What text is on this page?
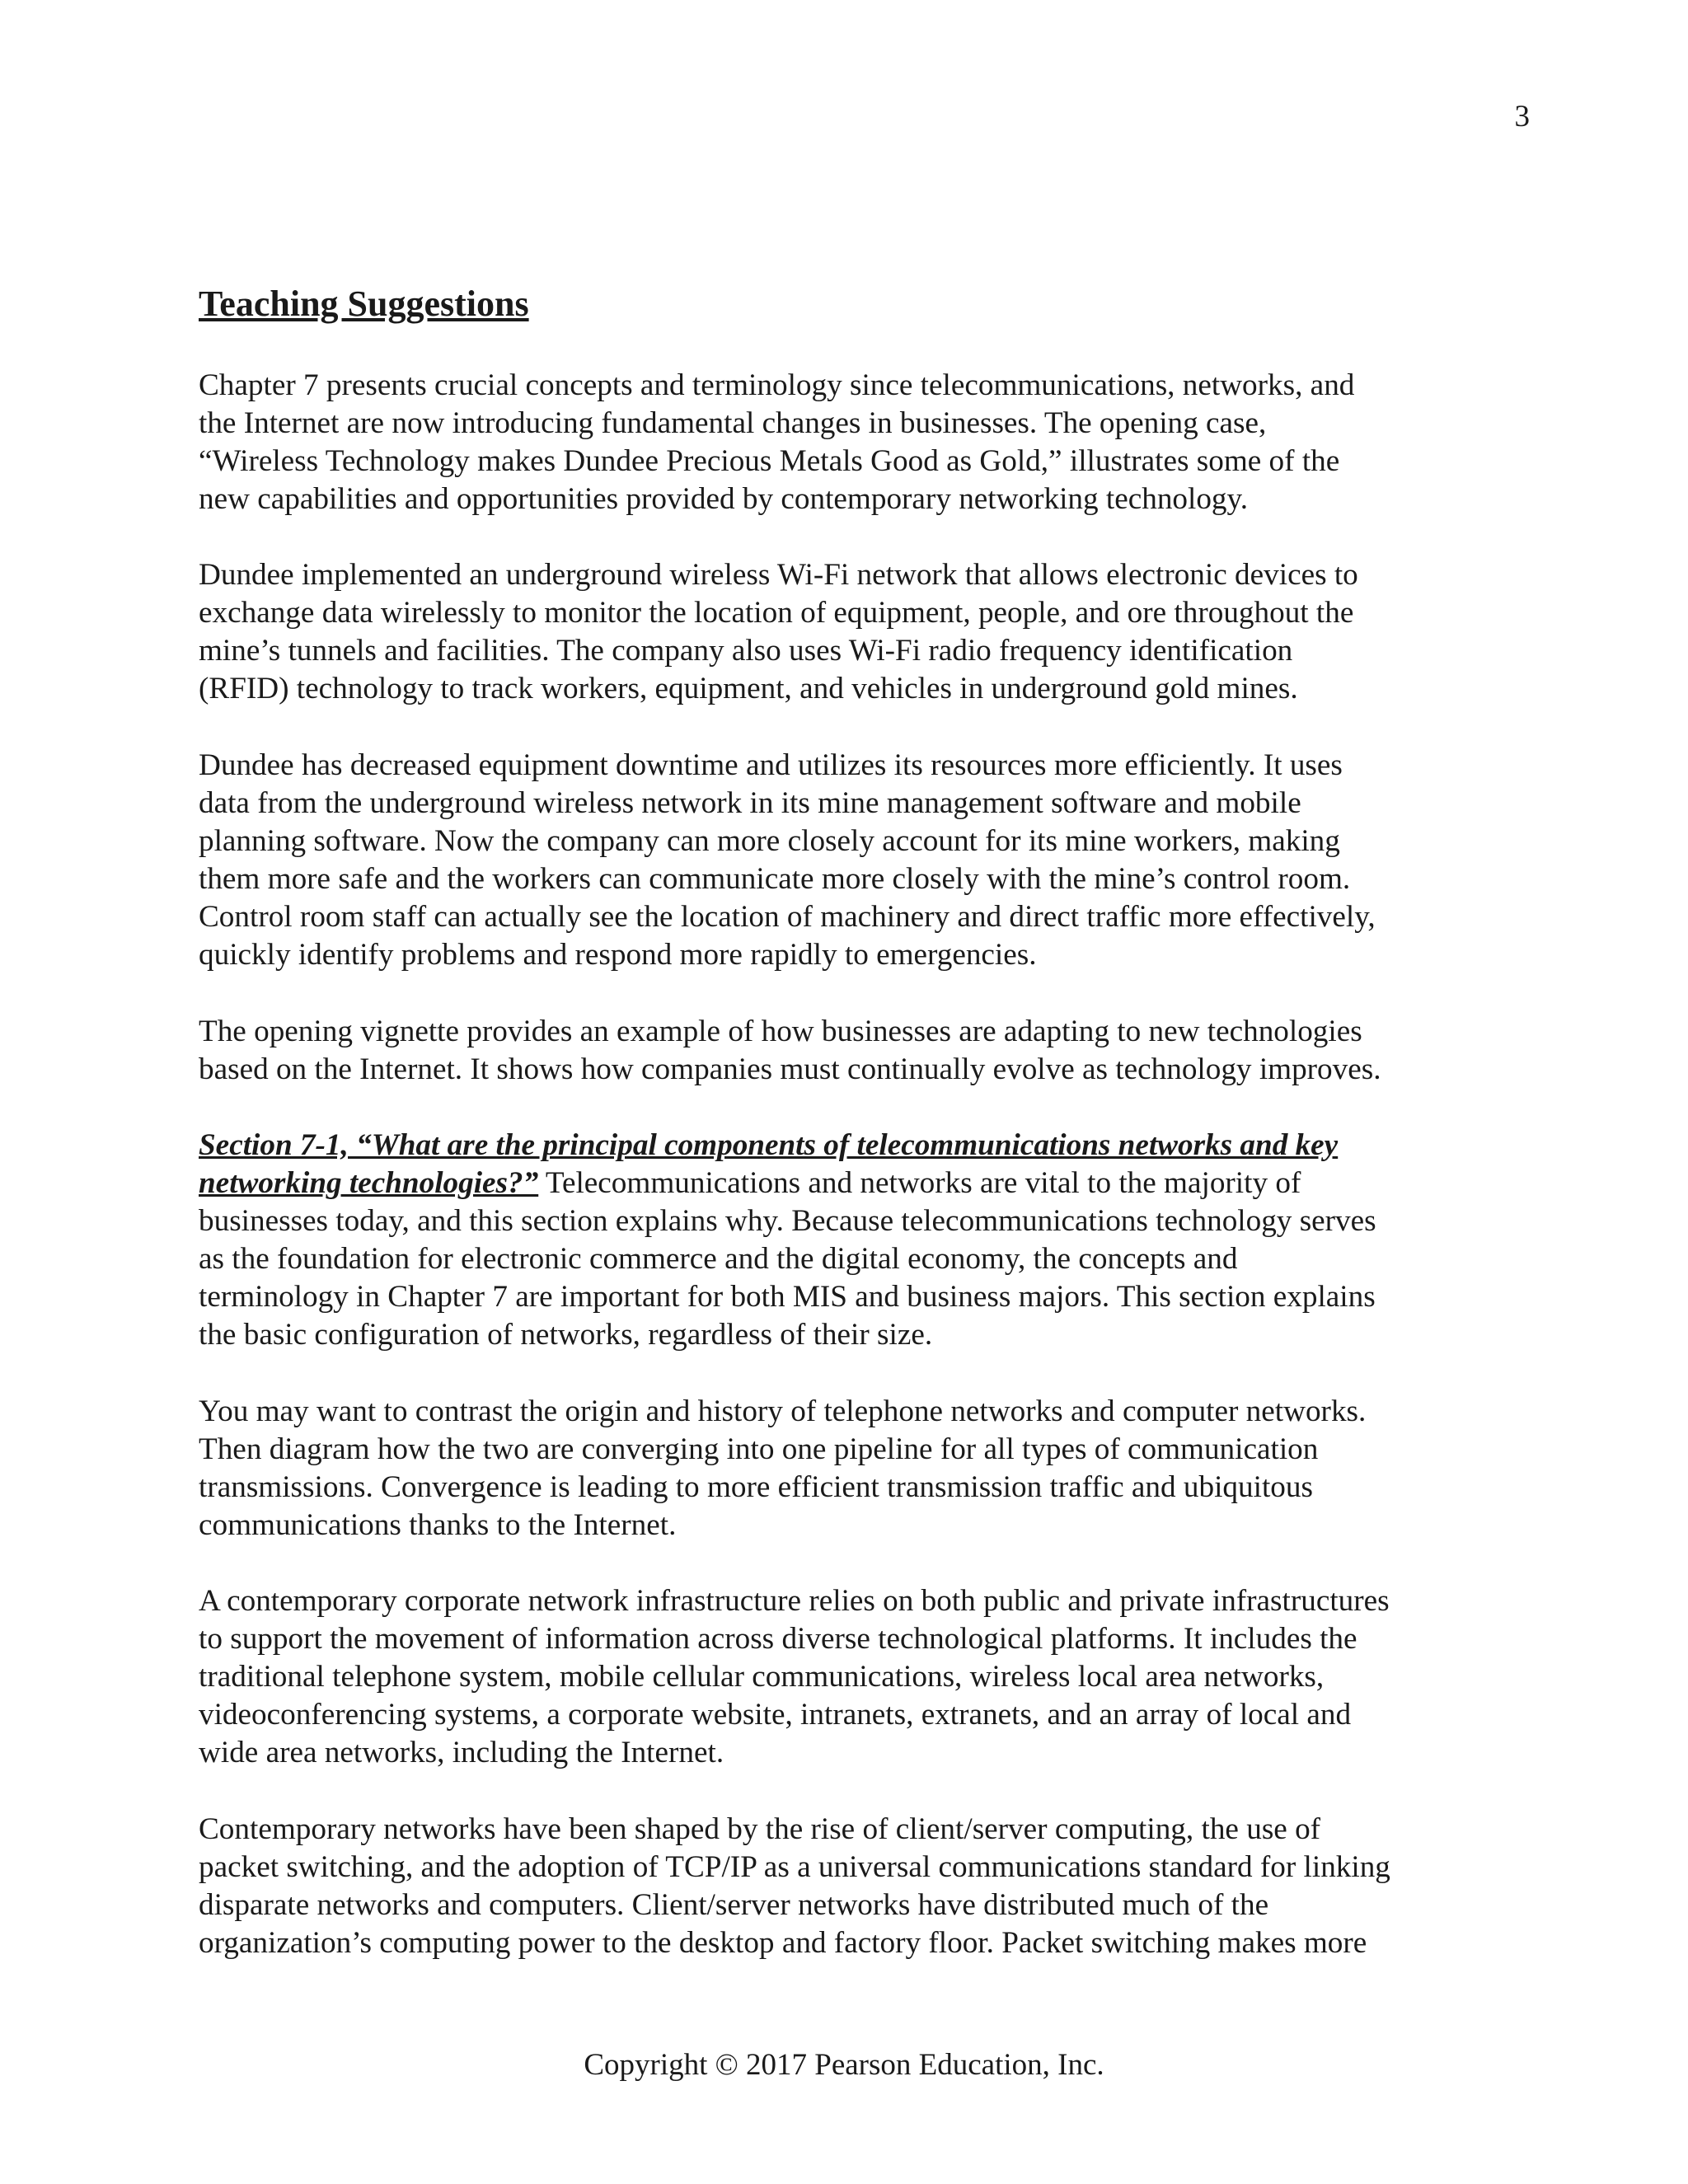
3
Teaching Suggestions

Chapter 7 presents crucial concepts and terminology since telecommunications, networks, and
the Internet are now introducing fundamental changes in businesses. The opening case,
“Wireless Technology makes Dundee Precious Metals Good as Gold,” illustrates some of the
new capabilities and opportunities provided by contemporary networking technology.

Dundee implemented an underground wireless Wi-Fi network that allows electronic devices to
exchange data wirelessly to monitor the location of equipment, people, and ore throughout the
mine’s tunnels and facilities. The company also uses Wi-Fi radio frequency identification
(RFID) technology to track workers, equipment, and vehicles in underground gold mines.

Dundee has decreased equipment downtime and utilizes its resources more efficiently. It uses
data from the underground wireless network in its mine management software and mobile
planning software. Now the company can more closely account for its mine workers, making
them more safe and the workers can communicate more closely with the mine’s control room.
Control room staff can actually see the location of machinery and direct traffic more effectively,
quickly identify problems and respond more rapidly to emergencies.

The opening vignette provides an example of how businesses are adapting to new technologies
based on the Internet. It shows how companies must continually evolve as technology improves.

Section 7-1, “What are the principal components of telecommunications networks and key
networking technologies?” Telecommunications and networks are vital to the majority of
businesses today, and this section explains why. Because telecommunications technology serves
as the foundation for electronic commerce and the digital economy, the concepts and
terminology in Chapter 7 are important for both MIS and business majors. This section explains
the basic configuration of networks, regardless of their size.

You may want to contrast the origin and history of telephone networks and computer networks.
Then diagram how the two are converging into one pipeline for all types of communication
transmissions. Convergence is leading to more efficient transmission traffic and ubiquitous
communications thanks to the Internet.

A contemporary corporate network infrastructure relies on both public and private infrastructures
to support the movement of information across diverse technological platforms. It includes the
traditional telephone system, mobile cellular communications, wireless local area networks,
videoconferencing systems, a corporate website, intranets, extranets, and an array of local and
wide area networks, including the Internet.

Contemporary networks have been shaped by the rise of client/server computing, the use of
packet switching, and the adoption of TCP/IP as a universal communications standard for linking
disparate networks and computers. Client/server networks have distributed much of the
organization’s computing power to the desktop and factory floor. Packet switching makes more

Copyright © 2017 Pearson Education, Inc.
